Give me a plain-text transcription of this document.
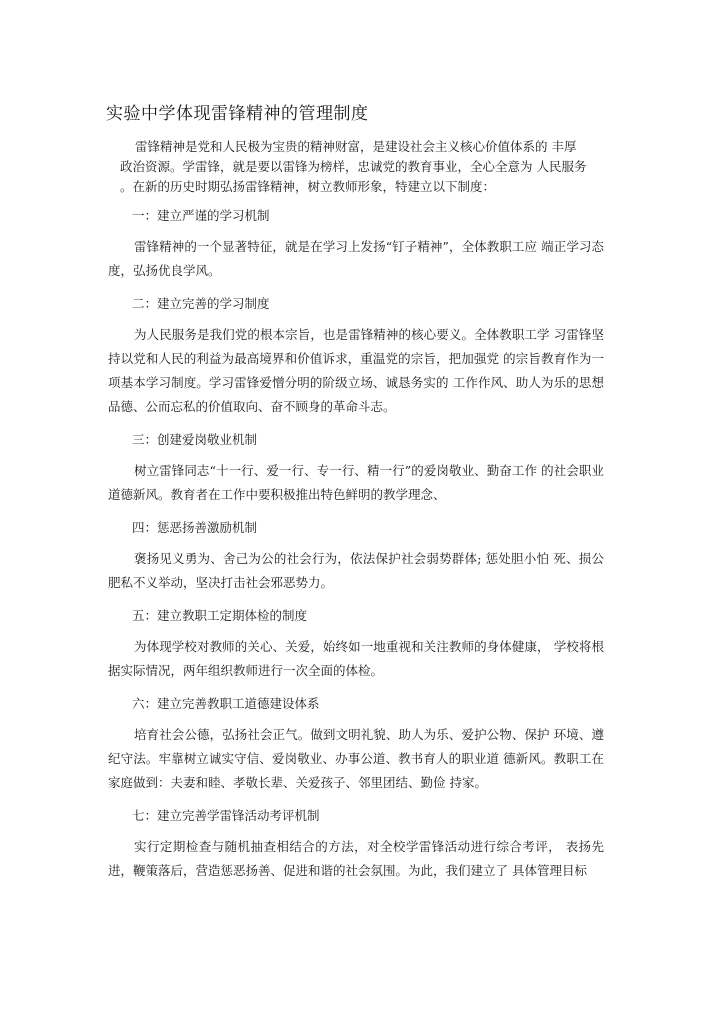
实验中学体现雷锋精神的管理制度

雷锋精神是党和人民极为宝贵的精神财富，是建设社会主义核心价值体系的 丰厚

政治资源。学雷锋，就是要以雷锋为榜样，忠诚党的教育事业，全心全意为 人民服务

。在新的历史时期弘扬雷锋精神，树立教师形象，特建立以下制度：

一：建立严谨的学习机制

雷锋精神的一个显著特征，就是在学习上发扬“钉子精神”，全体教职工应 端正学习态度，弘扬优良学风。

二：建立完善的学习制度

为人民服务是我们党的根本宗旨，也是雷锋精神的核心要义。全体教职工学 习雷锋坚持以党和人民的利益为最高境界和价值诉求，重温党的宗旨，把加强党 的宗旨教育作为一项基本学习制度。学习雷锋爱憎分明的阶级立场、诚恳务实的 工作作风、助人为乐的思想品德、公而忘私的价值取向、奋不顾身的革命斗志。

三：创建爱岗敬业机制

树立雷锋同志“十一行、爱一行、专一行、精一行”的爱岗敬业、勤奋工作 的社会职业道德新风。教育者在工作中要积极推出特色鲜明的教学理念、

四：惩恶扬善激励机制

褒扬见义勇为、舍己为公的社会行为，依法保护社会弱势群体; 惩处胆小怕 死、损公肥私不义举动，坚决打击社会邪恶势力。

五：建立教职工定期体检的制度

为体现学校对教师的关心、关爱，始终如一地重视和关注教师的身体健康， 学校将根据实际情况，两年组织教师进行一次全面的体检。

六：建立完善教职工道德建设体系

培育社会公德，弘扬社会正气。做到文明礼貌、助人为乐、爱护公物、保护 环境、遵纪守法。牢靠树立诚实守信、爱岗敬业、办事公道、教书育人的职业道 德新风。教职工在家庭做到：夫妻和睦、孝敬长辈、关爱孩子、邻里团结、勤俭 持家。

七：建立完善学雷锋活动考评机制

实行定期检查与随机抽查相结合的方法，对全校学雷锋活动进行综合考评， 表扬先进，鞭策落后，营造惩恶扬善、促进和谐的社会氛围。为此，我们建立了 具体管理目标
